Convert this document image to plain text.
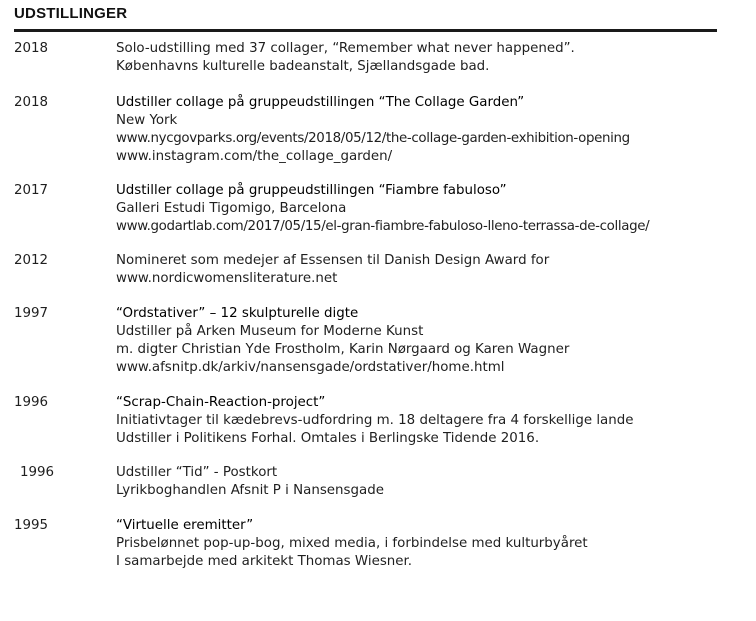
UDSTILLINGER
2018	Solo-udstilling med 37 collager, “Remember what never happened”.
Københavns kulturelle badeanstalt, Sjællandsgade bad.
2018	Udstiller collage på gruppeudstillingen “The Collage Garden”
New York
www.nycgovparks.org/events/2018/05/12/the-collage-garden-exhibition-opening
www.instagram.com/the_collage_garden/
2017	Udstiller collage på gruppeudstillingen “Fiambre fabuloso”
Galleri Estudi Tigomigo, Barcelona
www.godartlab.com/2017/05/15/el-gran-fiambre-fabuloso-lleno-terrassa-de-collage/
2012	Nomineret som medejer af Essensen til Danish Design Award for
www.nordicwomensliterature.net
1997	“Ordstativer” – 12 skulpturelle digte
Udstiller på Arken Museum for Moderne Kunst
m. digter Christian Yde Frostholm, Karin Nørgaard og Karen Wagner
www.afsnitp.dk/arkiv/nansensgade/ordstativer/home.html
1996	“Scrap-Chain-Reaction-project”
Initiativtager til kædebrevs-udfordring m. 18 deltagere fra 4 forskellige lande
Udstiller i Politikens Forhal. Omtales i Berlingske Tidende 2016.
1996	Udstiller “Tid” - Postkort
Lyrikboghandlen Afsnit P i Nansensgade
1995	“Virtuelle eremitter”
Prisbelønnet pop-up-bog, mixed media, i forbindelse med kulturbyåret
I samarbejde med arkitekt Thomas Wiesner.
